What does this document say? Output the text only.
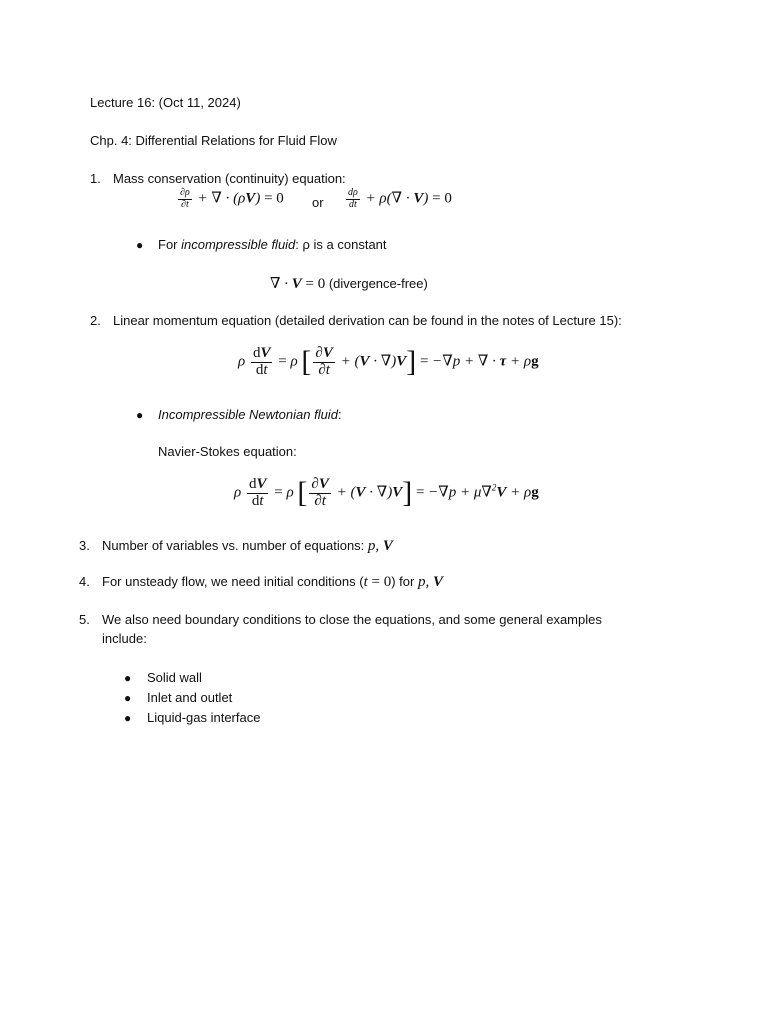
Lecture 16: (Oct 11, 2024)
Chp. 4: Differential Relations for Fluid Flow
1. Mass conservation (continuity) equation:
$\frac{\partial\rho}{\partial t}$ + ∇ · (ρV) = 0 or $\frac{d\rho}{dt} + \rho(\nabla \cdot V) = 0$
● For incompressible fluid: ρ is a constant
∇ · V = 0 (divergence-free)
2. Linear momentum equation (detailed derivation can be found in the notes of Lecture 15):
ρ $\frac{dV}{dt} = \rho$ [ $\frac{\partial V}{\partial t} + (V \cdot \nabla)V] = -\nabla p$ + ∇ · τ + ρg
● Incompressible Newtonian fluid:
Navier-Stokes equation:
ρ $\frac{dV}{dt} = \rho$ [ $\frac{\partial V}{\partial t} + (V \cdot \nabla)V] = -\nabla p + \mu\nabla^2V + \rho g$
3. Number of variables vs. number of equations: p, V
4. For unsteady flow, we need initial conditions (t = 0) for p, V
5. We also need boundary conditions to close the equations, and some general examples
include:
● Solid wall
● Inlet and outlet
● Liquid-gas interface
